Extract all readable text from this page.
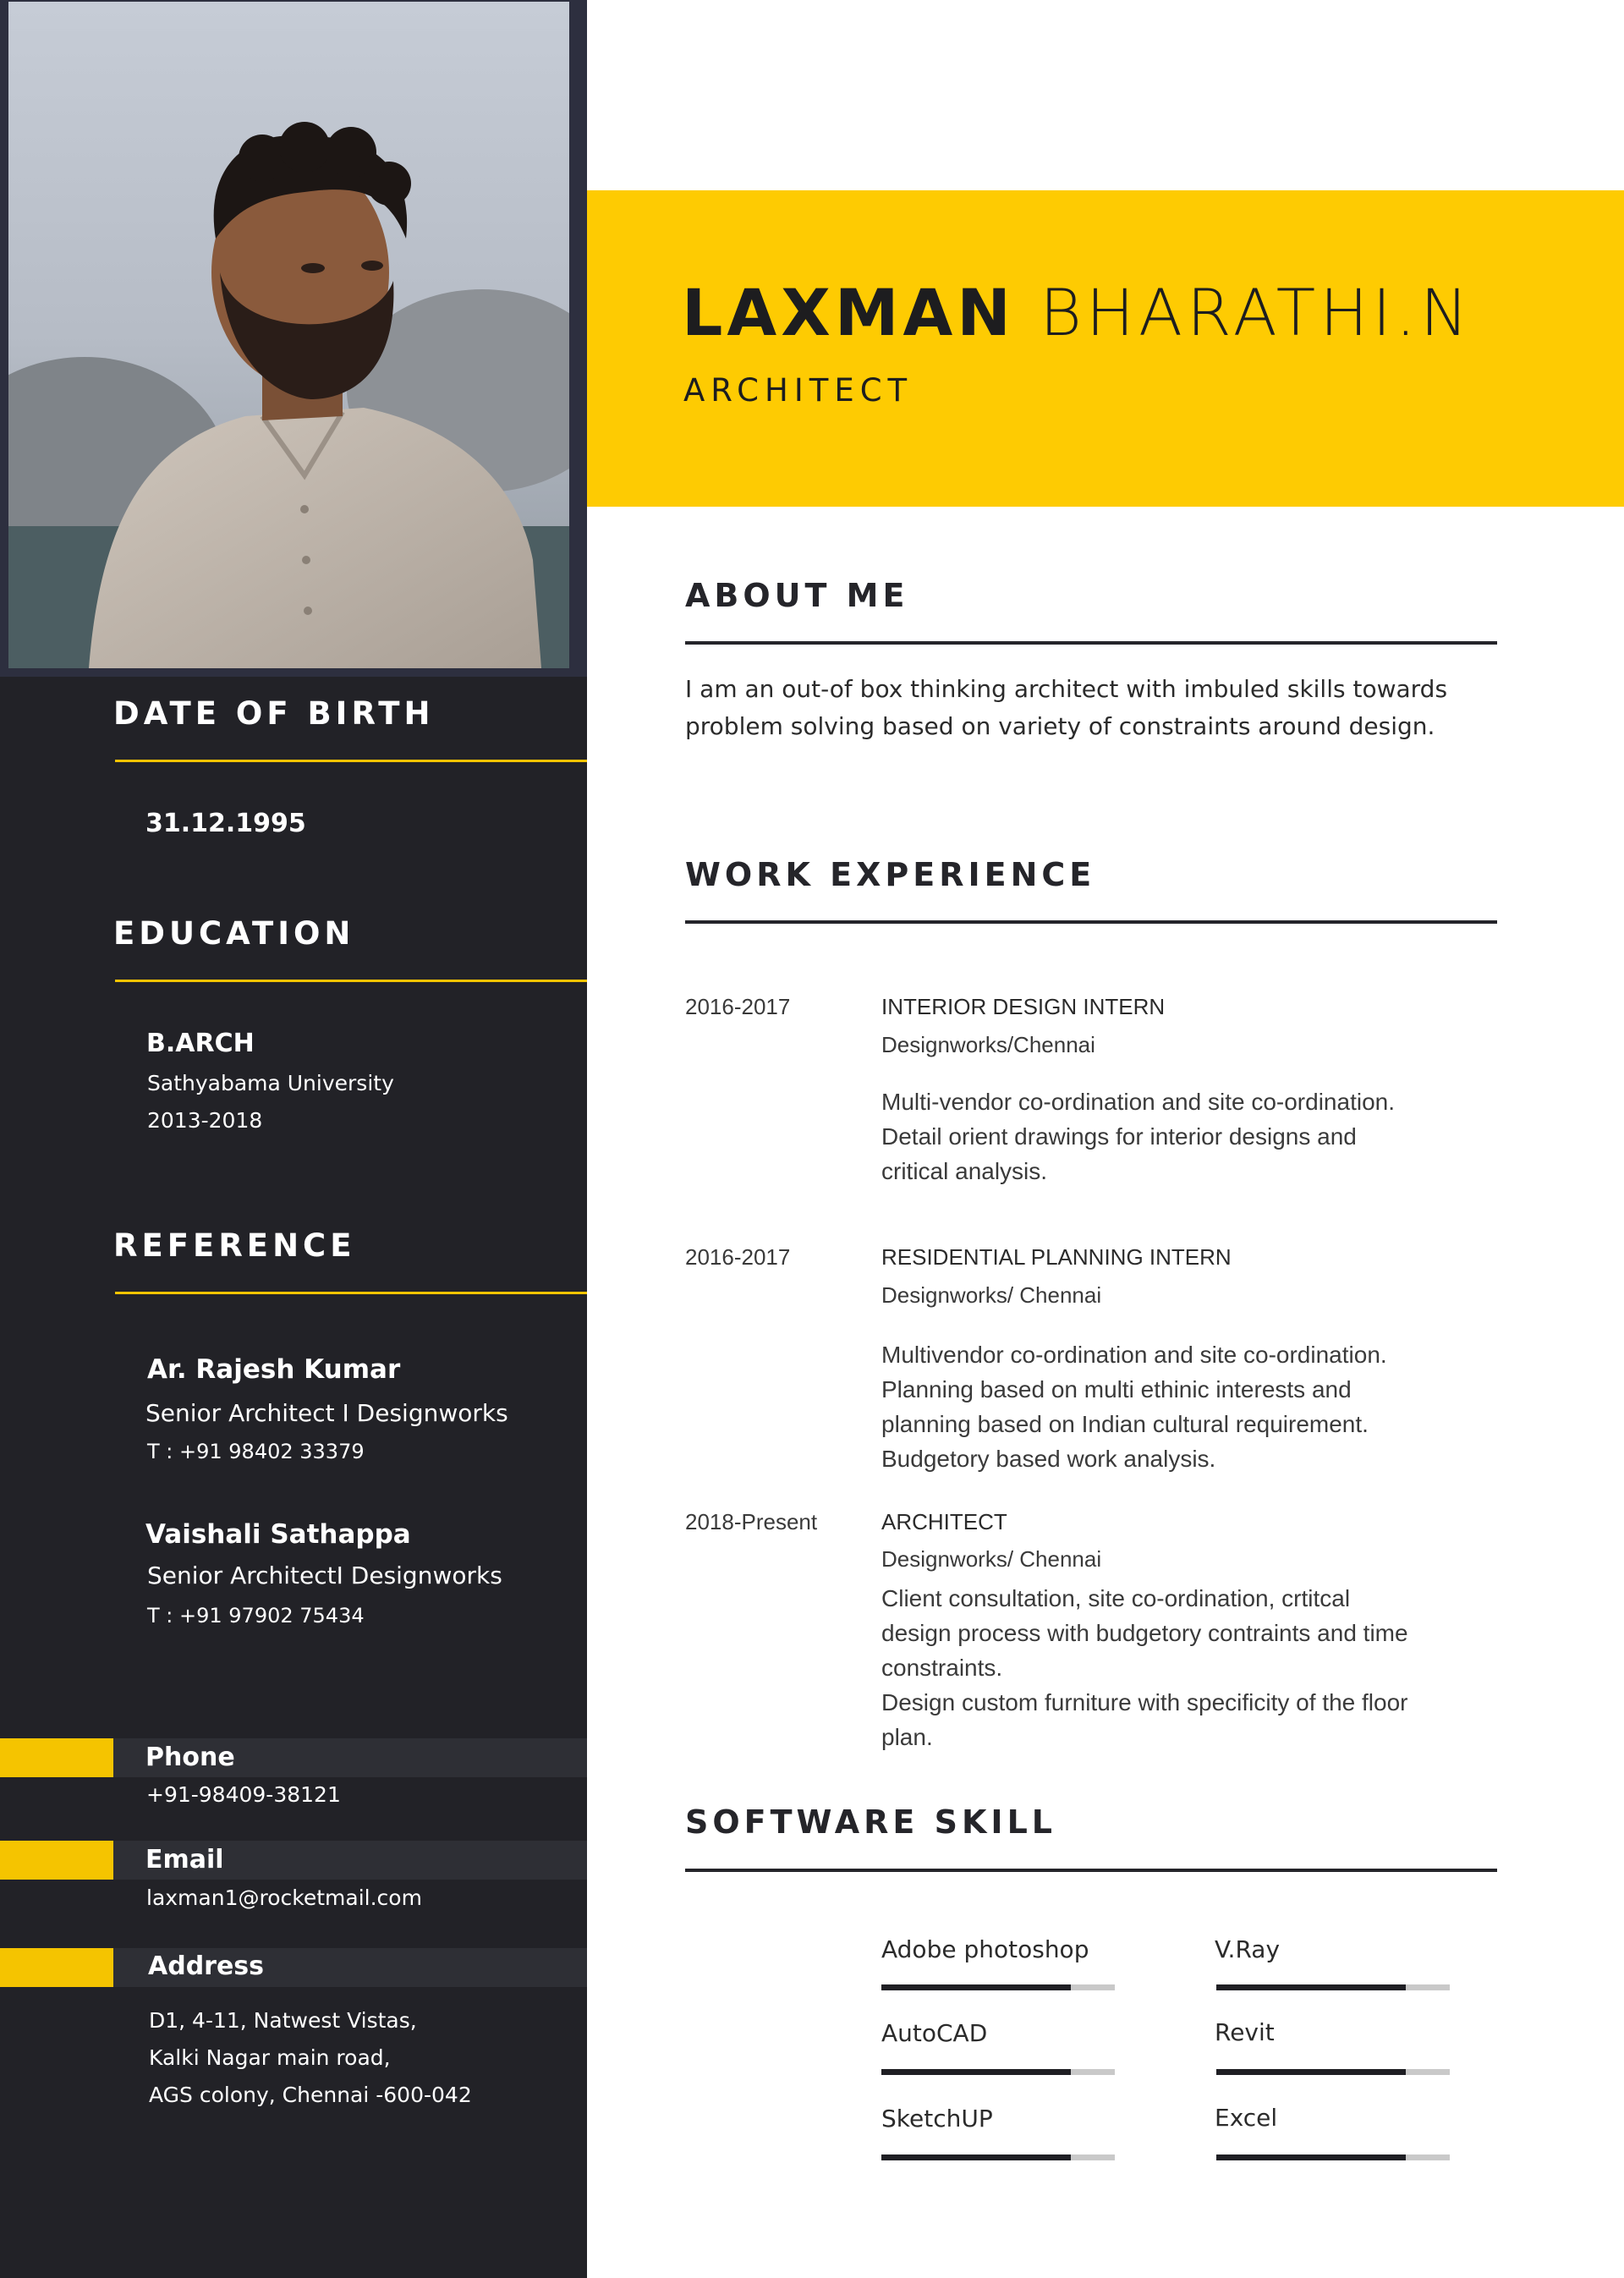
DATE OF BIRTH
31.12.1995
EDUCATION
B.ARCH
Sathyabama University
2013-2018
REFERENCE
Ar. Rajesh Kumar
Senior Architect I Designworks
T : +91 98402 33379
Vaishali Sathappa
Senior ArchitectI Designworks
T : +91 97902 75434
Phone
+91-98409-38121
Email
laxman1@rocketmail.com
Address
D1, 4-11, Natwest Vistas,
Kalki Nagar main road,
AGS colony, Chennai -600-042
LAXMAN BHARATHI.N
ARCHITECT
ABOUT ME
I am an out-of box thinking architect with imbuled skills towards problem solving based on variety of constraints around design.
WORK EXPERIENCE
2016-2017	INTERIOR DESIGN INTERN
Designworks/Chennai
Multi-vendor co-ordination and site co-ordination.
Detail orient drawings for interior designs and
critical analysis.
2016-2017	RESIDENTIAL PLANNING INTERN
Designworks/ Chennai
Multivendor co-ordination and site co-ordination.
Planning based on multi ethinic interests and
planning based on Indian cultural requirement.
Budgetory based work analysis.
2018-Present	ARCHITECT
Designworks/ Chennai
Client consultation, site co-ordination, crtitcal
design process with budgetory contraints and time
constraints.
Design custom furniture with specificity of the floor
plan.
SOFTWARE SKILL
Adobe photoshop	V.Ray
AutoCAD	Revit
SketchUP	Excel
